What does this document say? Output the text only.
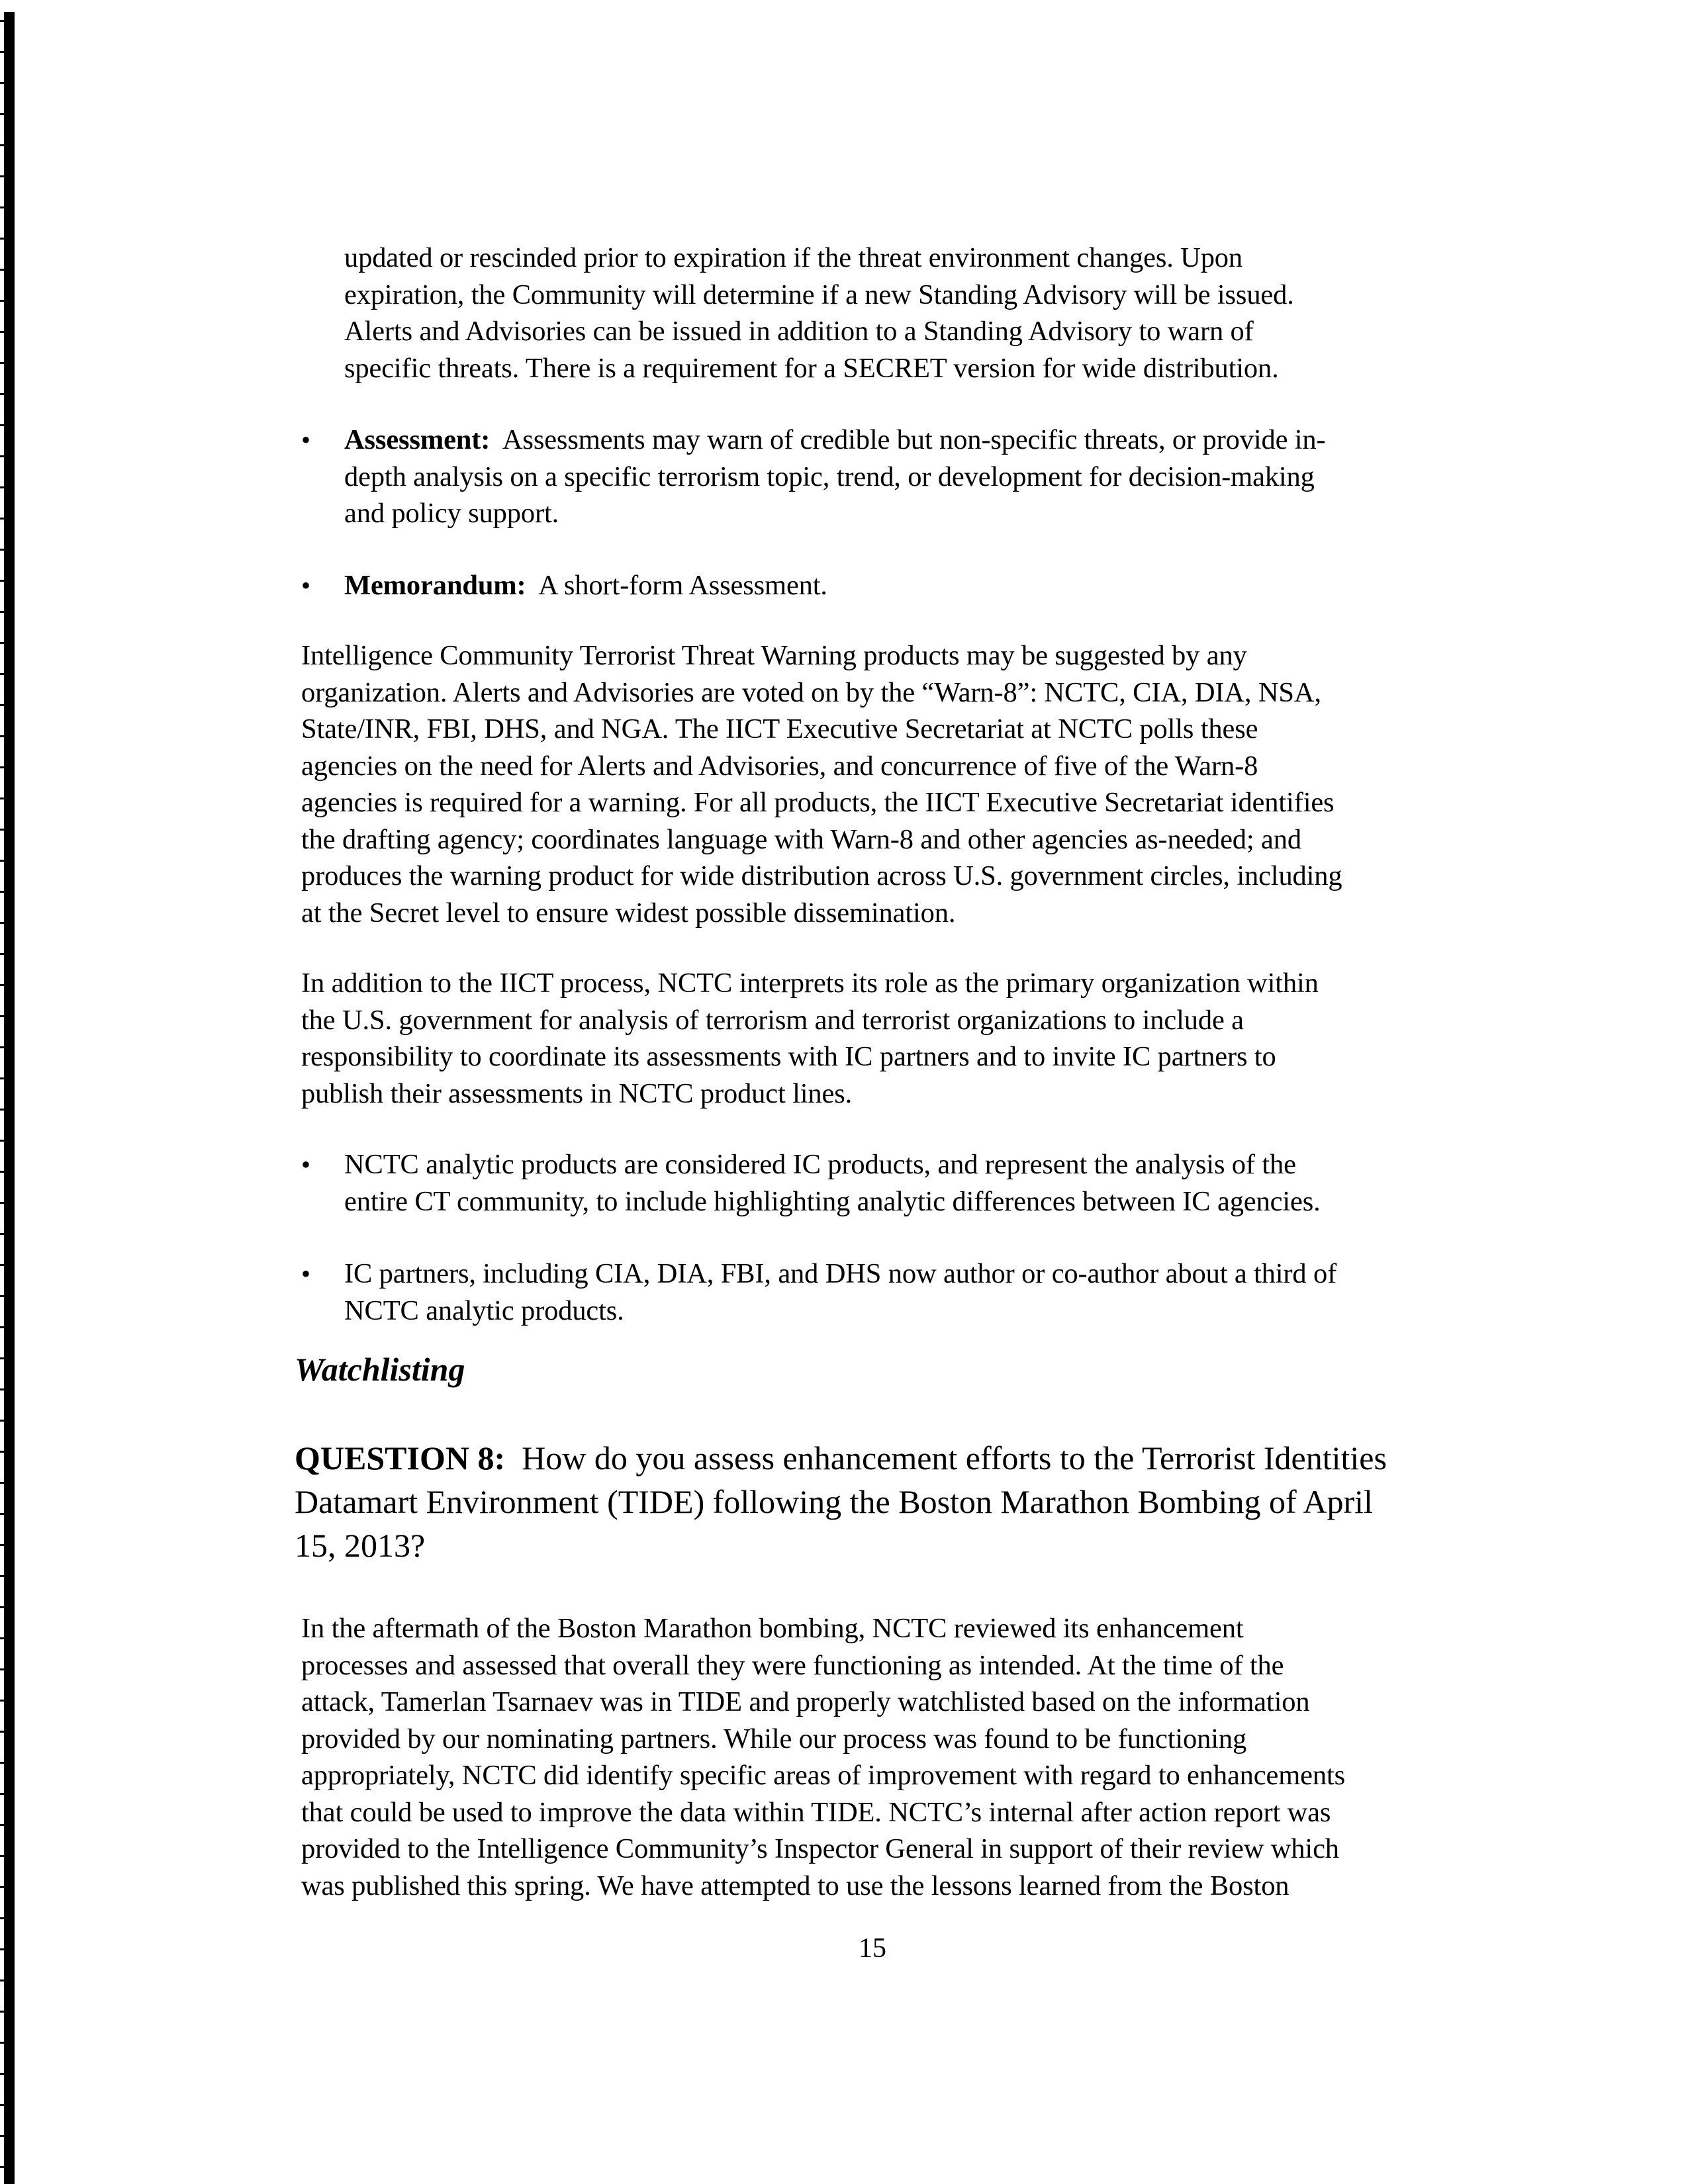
updated or rescinded prior to expiration if the threat environment changes. Upon
expiration, the Community will determine if a new Standing Advisory will be issued.
Alerts and Advisories can be issued in addition to a Standing Advisory to warn of
specific threats. There is a requirement for a SECRET version for wide distribution.
• Assessment: Assessments may warn of credible but non-specific threats, or provide in-
depth analysis on a specific terrorism topic, trend, or development for decision-making
and policy support.
• Memorandum: A short-form Assessment.
Intelligence Community Terrorist Threat Warning products may be suggested by any
organization. Alerts and Advisories are voted on by the “Warn-8”: NCTC, CIA, DIA, NSA,
State/INR, FBI, DHS, and NGA. The IICT Executive Secretariat at NCTC polls these
agencies on the need for Alerts and Advisories, and concurrence of five of the Warn-8
agencies is required for a warning. For all products, the IICT Executive Secretariat identifies
the drafting agency; coordinates language with Warn-8 and other agencies as-needed; and
produces the warning product for wide distribution across U.S. government circles, including
at the Secret level to ensure widest possible dissemination.
In addition to the IICT process, NCTC interprets its role as the primary organization within
the U.S. government for analysis of terrorism and terrorist organizations to include a
responsibility to coordinate its assessments with IC partners and to invite IC partners to
publish their assessments in NCTC product lines.
• NCTC analytic products are considered IC products, and represent the analysis of the
entire CT community, to include highlighting analytic differences between IC agencies.
• IC partners, including CIA, DIA, FBI, and DHS now author or co-author about a third of
NCTC analytic products.
Watchlisting
QUESTION 8: How do you assess enhancement efforts to the Terrorist Identities
Datamart Environment (TIDE) following the Boston Marathon Bombing of April
15, 2013?
In the aftermath of the Boston Marathon bombing, NCTC reviewed its enhancement
processes and assessed that overall they were functioning as intended. At the time of the
attack, Tamerlan Tsarnaev was in TIDE and properly watchlisted based on the information
provided by our nominating partners. While our process was found to be functioning
appropriately, NCTC did identify specific areas of improvement with regard to enhancements
that could be used to improve the data within TIDE. NCTC’s internal after action report was
provided to the Intelligence Community’s Inspector General in support of their review which
was published this spring. We have attempted to use the lessons learned from the Boston
15
